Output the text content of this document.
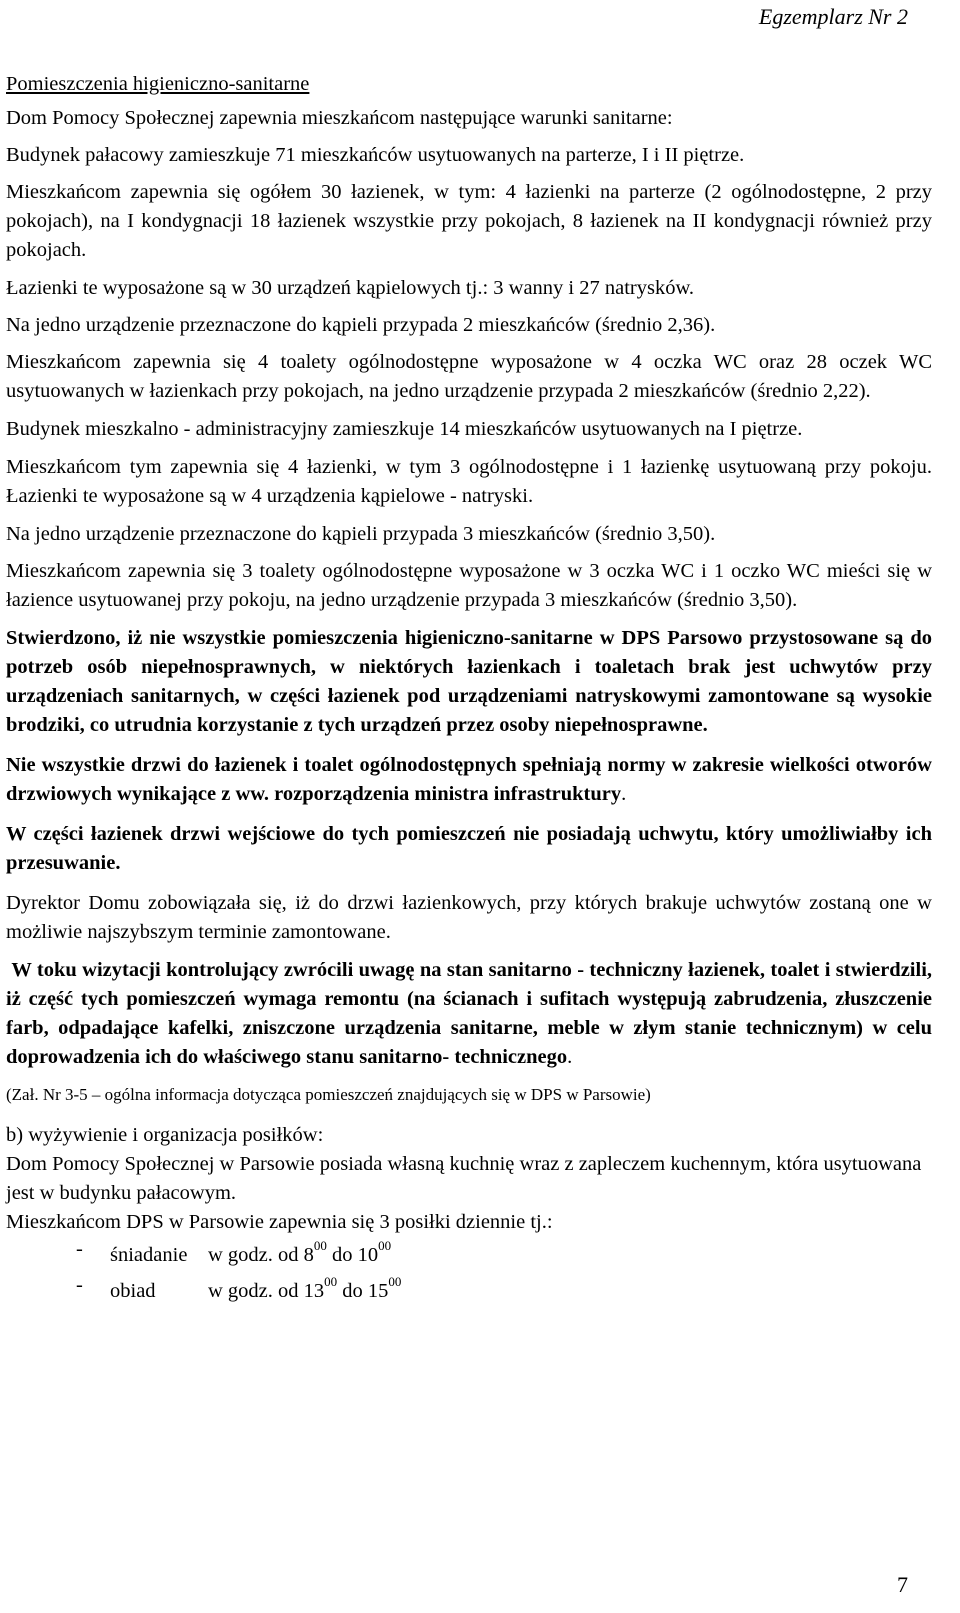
Egzemplarz Nr 2

Pomieszczenia higieniczno-sanitarne

Dom Pomocy Społecznej zapewnia mieszkańcom następujące warunki sanitarne:

Budynek pałacowy zamieszkuje 71 mieszkańców usytuowanych na parterze, I i II piętrze.

Mieszkańcom zapewnia się ogółem 30 łazienek, w tym: 4 łazienki na parterze (2 ogólnodostępne, 2 przy pokojach), na I kondygnacji 18 łazienek wszystkie przy pokojach, 8 łazienek na II kondygnacji również przy pokojach.

Łazienki te wyposażone są w 30 urządzeń kąpielowych tj.: 3 wanny i 27 natrysków.

Na jedno urządzenie przeznaczone do kąpieli przypada 2 mieszkańców (średnio 2,36).

Mieszkańcom zapewnia się 4 toalety ogólnodostępne wyposażone w 4 oczka WC oraz 28 oczek WC usytuowanych w łazienkach przy pokojach, na jedno urządzenie przypada 2 mieszkańców (średnio 2,22).

Budynek mieszkalno - administracyjny zamieszkuje 14 mieszkańców usytuowanych na I piętrze.

Mieszkańcom tym zapewnia się 4 łazienki, w tym 3 ogólnodostępne i 1 łazienkę usytuowaną przy pokoju. Łazienki te wyposażone są w 4 urządzenia kąpielowe - natryski.

Na jedno urządzenie przeznaczone do kąpieli przypada 3 mieszkańców (średnio 3,50).

Mieszkańcom zapewnia się 3 toalety ogólnodostępne wyposażone w 3 oczka WC i 1 oczko WC mieści się w łazience usytuowanej przy pokoju, na jedno urządzenie przypada 3 mieszkańców (średnio 3,50).

Stwierdzono, iż nie wszystkie pomieszczenia higieniczno-sanitarne w DPS Parsowo przystosowane są do potrzeb osób niepełnosprawnych, w niektórych łazienkach i toaletach brak jest uchwytów przy urządzeniach sanitarnych, w części łazienek pod urządzeniami natryskowymi zamontowane są wysokie brodziki, co utrudnia korzystanie z tych urządzeń przez osoby niepełnosprawne.

Nie wszystkie drzwi do łazienek i toalet ogólnodostępnych spełniają normy w zakresie wielkości otworów drzwiowych wynikające z ww. rozporządzenia ministra infrastruktury.

W części łazienek drzwi wejściowe do tych pomieszczeń nie posiadają uchwytu, który umożliwiałby ich przesuwanie.

Dyrektor Domu zobowiązała się, iż do drzwi łazienkowych, przy których brakuje uchwytów zostaną one w możliwie najszybszym terminie zamontowane.

W toku wizytacji kontrolujący zwrócili uwagę na stan sanitarno - techniczny łazienek, toalet i stwierdzili, iż część tych pomieszczeń wymaga remontu (na ścianach i sufitach występują zabrudzenia, złuszczenie farb, odpadające kafelki, zniszczone urządzenia sanitarne, meble w złym stanie technicznym) w celu doprowadzenia ich do właściwego stanu sanitarno- technicznego.

(Zał. Nr 3-5 – ogólna informacja dotycząca pomieszczeń znajdujących się w DPS w Parsowie)

b) wyżywienie i organizacja posiłków:

Dom Pomocy Społecznej w Parsowie posiada własną kuchnię wraz z zapleczem kuchennym, która usytuowana jest w budynku pałacowym.

Mieszkańcom DPS w Parsowie zapewnia się 3 posiłki dziennie tj.:

- śniadanie w godz. od $8^{00}$ do $10^{00}$
- obiad	w godz. od $13^{00}$ do $15^{00}$
7
